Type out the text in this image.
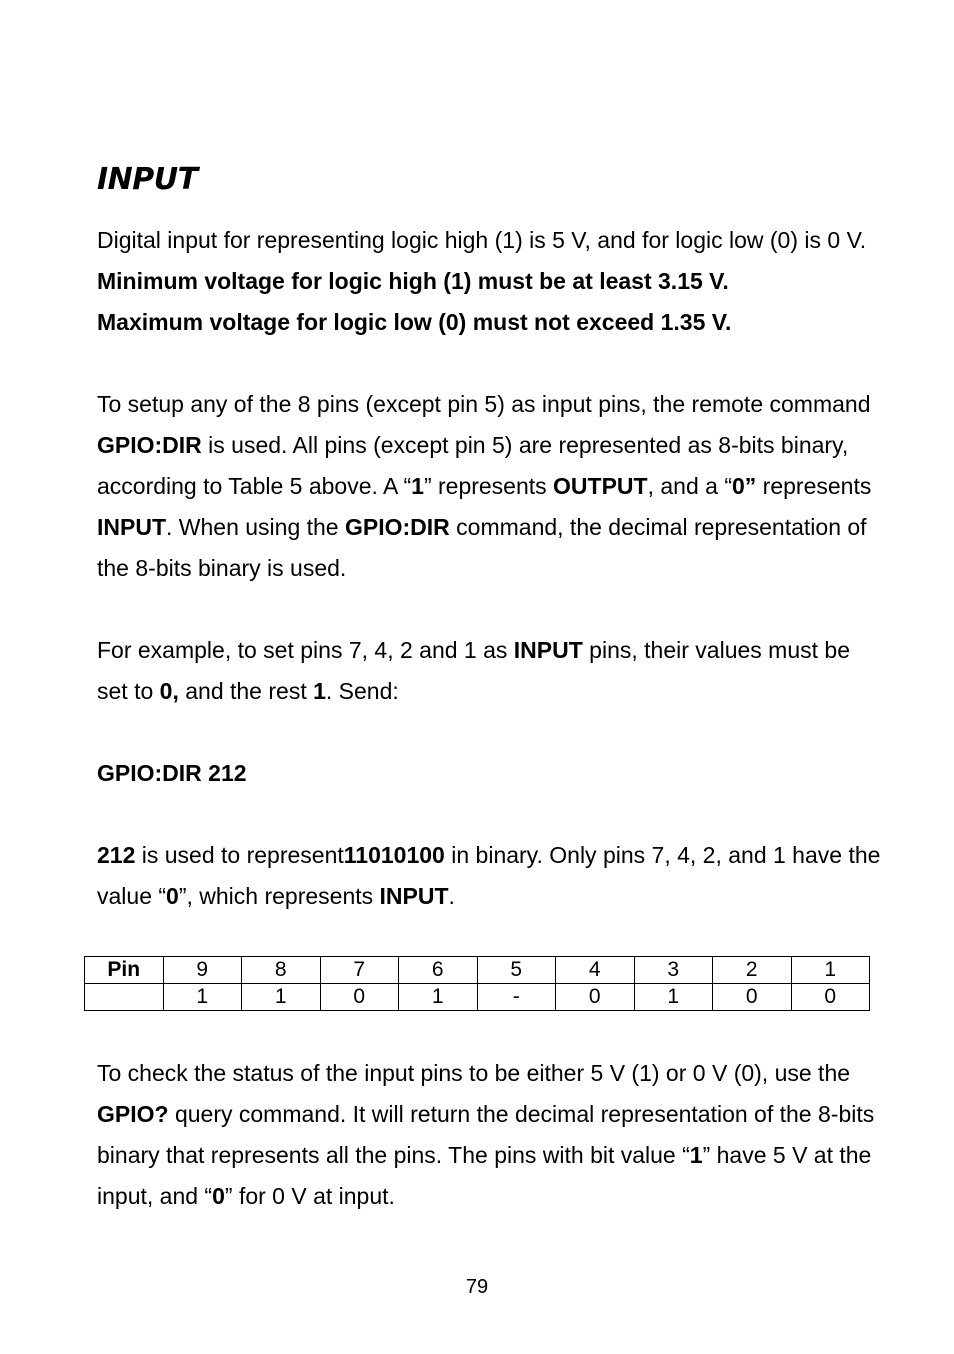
INPUT

Digital input for representing logic high (1) is 5 V, and for logic low (0) is 0 V.

Minimum voltage for logic high (1) must be at least 3.15 V.

Maximum voltage for logic low (0) must not exceed 1.35 V.

To setup any of the 8 pins (except pin 5) as input pins, the remote command GPIO:DIR is used. All pins (except pin 5) are represented as 8-bits binary, according to Table 5 above. A “1” represents OUTPUT, and a “0” represents INPUT. When using the GPIO:DIR command, the decimal representation of the 8-bits binary is used.

For example, to set pins 7, 4, 2 and 1 as INPUT pins, their values must be set to 0, and the rest 1. Send:

GPIO:DIR 212

212 is used to represent11010100 in binary. Only pins 7, 4, 2, and 1 have the value “0”, which represents INPUT.

To check the status of the input pins to be either 5 V (1) or 0 V (0), use the GPIO? query command. It will return the decimal representation of the 8-bits binary that represents all the pins. The pins with bit value “1” have 5 V at the input, and “0” for 0 V at input.

Pin	9	8	7	6	5	4	3	2	1
	1	1	0	1	-	0	1	0	0
79
